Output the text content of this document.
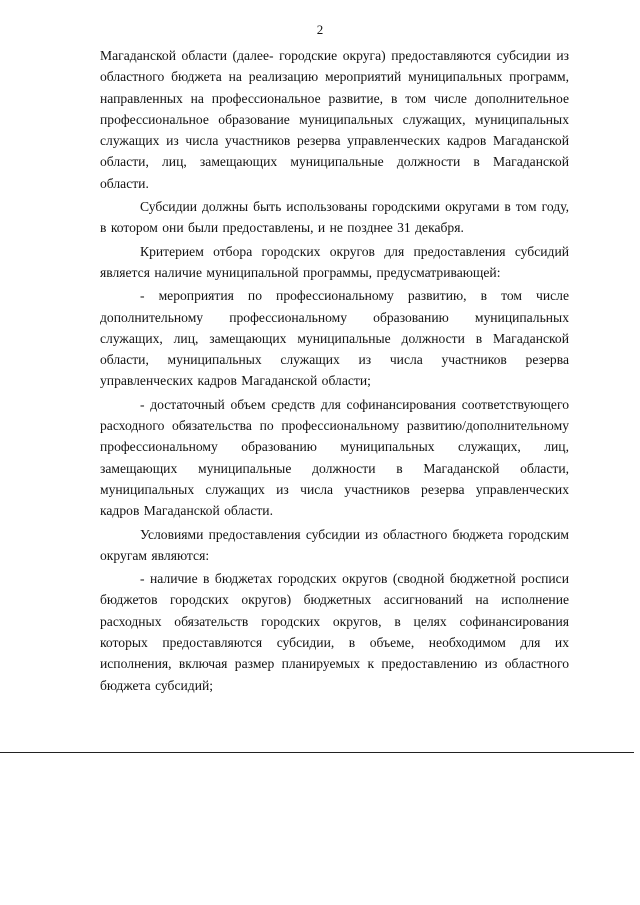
2

Магаданской области (далее- городские округа) предоставляются субсидии из областного бюджета на реализацию мероприятий муниципальных программ, направленных на профессиональное развитие, в том числе дополнительное профессиональное образование муниципальных служащих, муниципальных служащих из числа участников резерва управленческих кадров Магаданской области, лиц, замещающих муниципальные должности в Магаданской области.

Субсидии должны быть использованы городскими округами в том году, в котором они были предоставлены, и не позднее 31 декабря.

Критерием отбора городских округов для предоставления субсидий является наличие муниципальной программы, предусматривающей:

- мероприятия по профессиональному развитию, в том числе дополнительному профессиональному образованию муниципальных служащих, лиц, замещающих муниципальные должности в Магаданской области, муниципальных служащих из числа участников резерва управленческих кадров Магаданской области;

- достаточный объем средств для софинансирования соответствующего расходного обязательства по профессиональному развитию/дополнительному профессиональному образованию муниципальных служащих, лиц, замещающих муниципальные должности в Магаданской области, муниципальных служащих из числа участников резерва управленческих кадров Магаданской области.

Условиями предоставления субсидии из областного бюджета городским округам являются:

- наличие в бюджетах городских округов (сводной бюджетной росписи бюджетов городских округов) бюджетных ассигнований на исполнение расходных обязательств городских округов, в целях софинансирования которых предоставляются субсидии, в объеме, необходимом для их исполнения, включая размер планируемых к предоставлению из областного бюджета субсидий;
